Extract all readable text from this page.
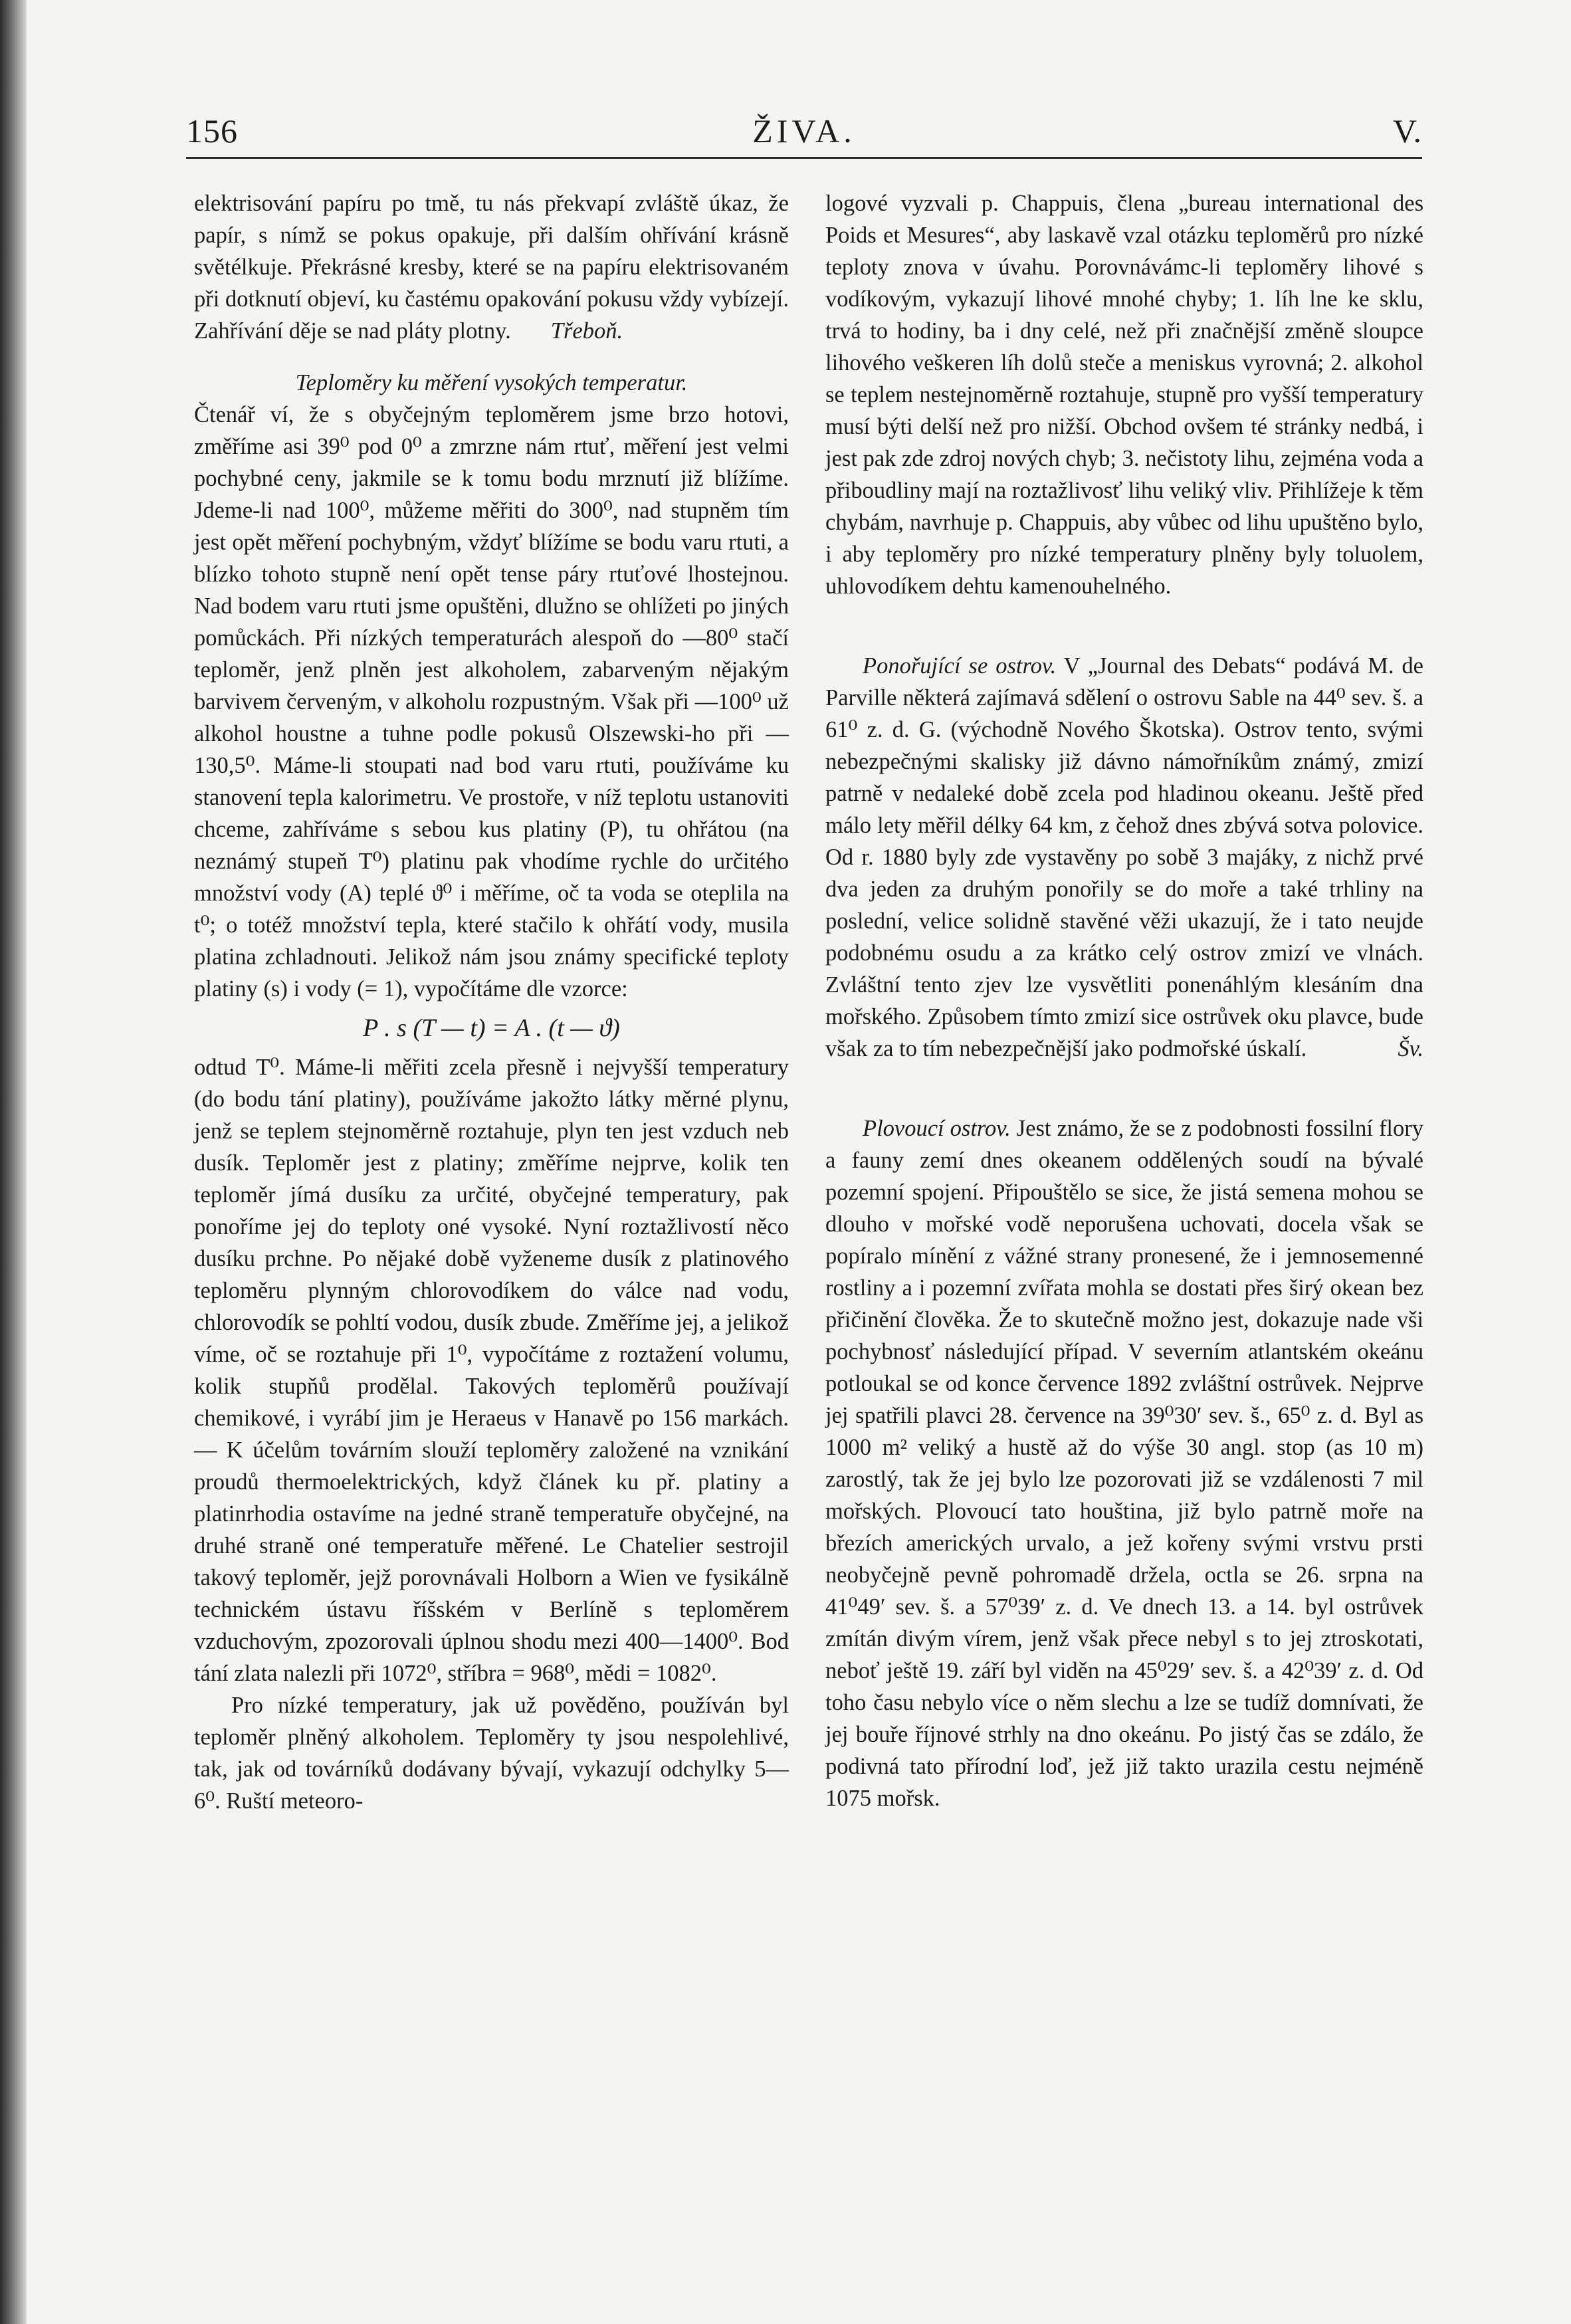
156	ŽIVA.	V.

elektrisování papíru po tmě, tu nás překvapí zvláště úkaz, že papír, s nímž se pokus opakuje, při dalším ohřívání krásně světélkuje. Překrásné kresby, které se na papíru elektrisovaném při dotknutí objeví, ku častému opakování pokusu vždy vybízejí. Zahřívání děje se nad pláty plotny. Třeboň.

Teploměry ku měření vysokých temperatur.

Čtenář ví, že s obyčejným teploměrem jsme brzo hotovi, změříme asi 39⁰ pod 0⁰ a zmrzne nám rtuť, měření jest velmi pochybné ceny, jakmile se k tomu bodu mrznutí již blížíme. Jdeme-li nad 100⁰, můžeme měřiti do 300⁰, nad stupněm tím jest opět měření pochybným, vždyť blížíme se bodu varu rtuti, a blízko tohoto stupně není opět tense páry rtuťové lhostejnou. Nad bodem varu rtuti jsme opuštěni, dlužno se ohlížeti po jiných pomůckách. Při nízkých temperaturách alespoň do —80⁰ stačí teploměr, jenž plněn jest alkoholem, zabarveným nějakým barvivem červeným, v alkoholu rozpustným. Však při —100⁰ už alkohol houstne a tuhne podle pokusů Olszewski-ho při —130,5⁰. Máme-li stoupati nad bod varu rtuti, používáme ku stanovení tepla kalorimetru. Ve prostoře, v níž teplotu ustanoviti chceme, zahříváme s sebou kus platiny (P), tu ohřátou (na neznámý stupeň T⁰) platinu pak vhodíme rychle do určitého množství vody (A) teplé ϑ⁰ i měříme, oč ta voda se oteplila na t⁰; o totéž množství tepla, které stačilo k ohřátí vody, musila platina zchladnouti. Jelikož nám jsou známy specifické teploty platiny (s) i vody (= 1), vypočítáme dle vzorce:

P . s (T — t) = A . (t — ϑ)

odtud T⁰. Máme-li měřiti zcela přesně i nejvyšší temperatury (do bodu tání platiny), používáme jakožto látky měrné plynu, jenž se teplem stejnoměrně roztahuje, plyn ten jest vzduch neb dusík. Teploměr jest z platiny; změříme nejprve, kolik ten teploměr jímá dusíku za určité, obyčejné temperatury, pak ponoříme jej do teploty oné vysoké. Nyní roztažlivostí něco dusíku prchne. Po nějaké době vyženeme dusík z platinového teploměru plynným chlorovodíkem do válce nad vodu, chlorovodík se pohltí vodou, dusík zbude. Změříme jej, a jelikož víme, oč se roztahuje při 1⁰, vypočítáme z roztažení volumu, kolik stupňů prodělal. Takových teploměrů používají chemikové, i vyrábí jim je Heraeus v Hanavě po 156 markách. — K účelům továrním slouží teploměry založené na vznikání proudů thermoelektrických, když článek ku př. platiny a platinrhodia ostavíme na jedné straně temperatuře obyčejné, na druhé straně oné temperatuře měřené. Le Chatelier sestrojil takový teploměr, jejž porovnávali Holborn a Wien ve fysikálně technickém ústavu říšském v Berlíně s teploměrem vzduchovým, zpozorovali úplnou shodu mezi 400—1400⁰. Bod tání zlata nalezli při 1072⁰, stříbra = 968⁰, mědi = 1082⁰.

Pro nízké temperatury, jak už pověděno, používán byl teploměr plněný alkoholem. Teploměry ty jsou nespolehlivé, tak, jak od továrníků dodávany bývají, vykazují odchylky 5—6⁰. Ruští meteoro-

logové vyzvali p. Chappuis, člena „bureau international des Poids et Mesures“, aby laskavě vzal otázku teploměrů pro nízké teploty znova v úvahu. Porovnávámc-li teploměry lihové s vodíkovým, vykazují lihové mnohé chyby; 1. líh lne ke sklu, trvá to hodiny, ba i dny celé, než při značnější změně sloupce lihového veškeren líh dolů steče a meniskus vyrovná; 2. alkohol se teplem nestejnoměrně roztahuje, stupně pro vyšší temperatury musí býti delší než pro nižší. Obchod ovšem té stránky nedbá, i jest pak zde zdroj nových chyb; 3. nečistoty lihu, zejména voda a přiboudliny mají na roztažlivosť lihu veliký vliv. Přihlížeje k těm chybám, navrhuje p. Chappuis, aby vůbec od lihu upuštěno bylo, i aby teploměry pro nízké temperatury plněny byly toluolem, uhlovodíkem dehtu kamenouhelného.

Ponořující se ostrov. V „Journal des Debats“ podává M. de Parville některá zajímavá sdělení o ostrovu Sable na 44⁰ sev. š. a 61⁰ z. d. G. (východně Nového Škotska). Ostrov tento, svými nebezpečnými skalisky již dávno námořníkům známý, zmizí patrně v nedaleké době zcela pod hladinou okeanu. Ještě před málo lety měřil délky 64 km, z čehož dnes zbývá sotva polovice. Od r. 1880 byly zde vystavěny po sobě 3 majáky, z nichž prvé dva jeden za druhým ponořily se do moře a také trhliny na poslední, velice solidně stavěné věži ukazují, že i tato neujde podobnému osudu a za krátko celý ostrov zmizí ve vlnách. Zvláštní tento zjev lze vysvětliti ponenáhlým klesáním dna mořského. Způsobem tímto zmizí sice ostrůvek oku plavce, bude však za to tím nebezpečnější jako podmořské úskalí.	Šv.

Plovoucí ostrov. Jest známo, že se z podobnosti fossilní flory a fauny zemí dnes okeanem oddělených soudí na bývalé pozemní spojení. Připouštělo se sice, že jistá semena mohou se dlouho v mořské vodě neporušena uchovati, docela však se popíralo mínění z vážné strany pronesené, že i jemnosemenné rostliny a i pozemní zvířata mohla se dostati přes širý okean bez přičinění člověka. Že to skutečně možno jest, dokazuje nade vši pochybnosť následující případ. V severním atlantském okeánu potloukal se od konce července 1892 zvláštní ostrůvek. Nejprve jej spatřili plavci 28. července na 39⁰30′ sev. š., 65⁰ z. d. Byl as 1000 m² veliký a hustě až do výše 30 angl. stop (as 10 m) zarostlý, tak že jej bylo lze pozorovati již se vzdálenosti 7 mil mořských. Plovoucí tato houština, již bylo patrně moře na březích amerických urvalo, a jež kořeny svými vrstvu prsti neobyčejně pevně pohromadě držela, octla se 26. srpna na 41⁰49′ sev. š. a 57⁰39′ z. d. Ve dnech 13. a 14. byl ostrůvek zmítán divým vírem, jenž však přece nebyl s to jej ztroskotati, neboť ještě 19. září byl viděn na 45⁰29′ sev. š. a 42⁰39′ z. d. Od toho času nebylo více o něm slechu a lze se tudíž domnívati, že jej bouře říjnové strhly na dno okeánu. Po jistý čas se zdálo, že podivná tato přírodní loď, jež již takto urazila cestu nejméně 1075 mořsk.
